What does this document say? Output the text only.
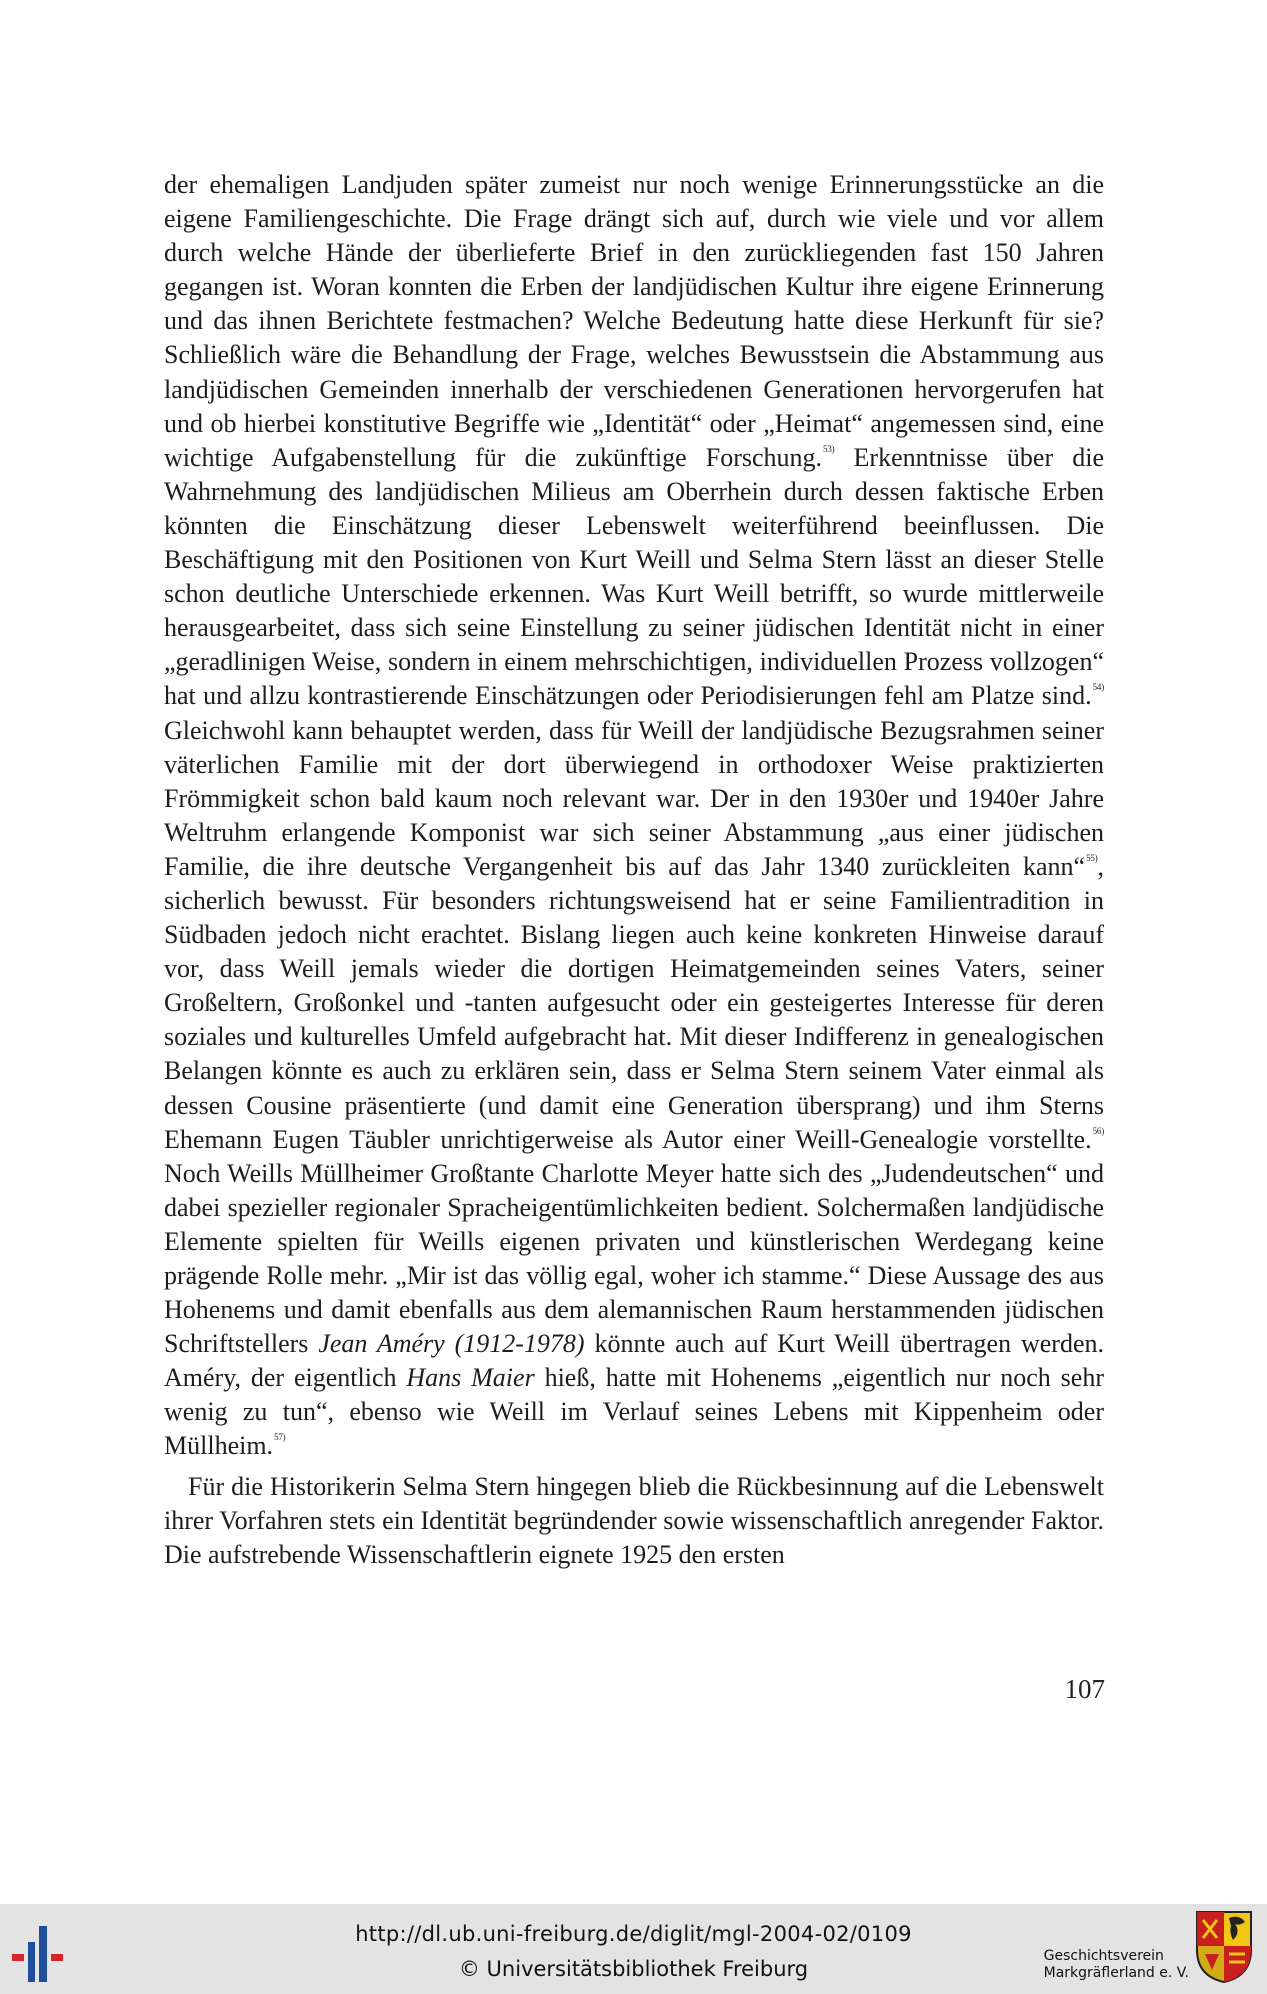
der ehemaligen Landjuden später zumeist nur noch wenige Erinnerungsstücke an die eigene Familiengeschichte. Die Frage drängt sich auf, durch wie viele und vor allem durch welche Hände der überlieferte Brief in den zurückliegenden fast 150 Jahren gegangen ist. Woran konnten die Erben der landjüdischen Kultur ihre eigene Erinnerung und das ihnen Berichtete festmachen? Welche Bedeutung hatte diese Herkunft für sie? Schließlich wäre die Behandlung der Frage, welches Bewusstsein die Abstammung aus landjüdischen Gemeinden innerhalb der verschiedenen Generationen hervorgerufen hat und ob hierbei konstitutive Begriffe wie „Identität“ oder „Heimat“ angemessen sind, eine wichtige Aufgabenstellung für die zukünftige Forschung.$^{53)}$ Erkenntnisse über die Wahrnehmung des landjüdischen Milieus am Oberrhein durch dessen faktische Erben könnten die Einschätzung dieser Lebenswelt weiterführend beeinflussen. Die Beschäftigung mit den Positionen von Kurt Weill und Selma Stern lässt an dieser Stelle schon deutliche Unterschiede erkennen. Was Kurt Weill betrifft, so wurde mittlerweile herausgearbeitet, dass sich seine Einstellung zu seiner jüdischen Identität nicht in einer „geradlinigen Weise, sondern in einem mehrschichtigen, individuellen Prozess vollzogen“ hat und allzu kontrastierende Einschätzungen oder Periodisierungen fehl am Platze sind.$^{54)}$ Gleichwohl kann behauptet werden, dass für Weill der landjüdische Bezugsrahmen seiner väterlichen Familie mit der dort überwiegend in orthodoxer Weise praktizierten Frömmigkeit schon bald kaum noch relevant war. Der in den 1930er und 1940er Jahre Weltruhm erlangende Komponist war sich seiner Abstammung „aus einer jüdischen Familie, die ihre deutsche Vergangenheit bis auf das Jahr 1340 zurückleiten kann“$^{55)}$, sicherlich bewusst. Für besonders richtungsweisend hat er seine Familientradition in Südbaden jedoch nicht erachtet. Bislang liegen auch keine konkreten Hinweise darauf vor, dass Weill jemals wieder die dortigen Heimatgemeinden seines Vaters, seiner Großeltern, Großonkel und -tanten aufgesucht oder ein gesteigertes Interesse für deren soziales und kulturelles Umfeld aufgebracht hat. Mit dieser Indifferenz in genealogischen Belangen könnte es auch zu erklären sein, dass er Selma Stern seinem Vater einmal als dessen Cousine präsentierte (und damit eine Generation übersprang) und ihm Sterns Ehemann Eugen Täubler unrichtigerweise als Autor einer Weill-Genealogie vorstellte.$^{56)}$ Noch Weills Müllheimer Großtante Charlotte Meyer hatte sich des „Judendeutschen“ und dabei spezieller regionaler Spracheigentümlichkeiten bedient. Solchermaßen landjüdische Elemente spielten für Weills eigenen privaten und künstlerischen Werdegang keine prägende Rolle mehr. „Mir ist das völlig egal, woher ich stamme.“ Diese Aussage des aus Hohenems und damit ebenfalls aus dem alemannischen Raum herstammenden jüdischen Schriftstellers Jean Améry (1912-1978) könnte auch auf Kurt Weill übertragen werden. Améry, der eigentlich Hans Maier hieß, hatte mit Hohenems „eigentlich nur noch sehr wenig zu tun“, ebenso wie Weill im Verlauf seines Lebens mit Kippenheim oder Müllheim.$^{57)}$

Für die Historikerin Selma Stern hingegen blieb die Rückbesinnung auf die Lebenswelt ihrer Vorfahren stets ein Identität begründender sowie wissenschaftlich anregender Faktor. Die aufstrebende Wissenschaftlerin eignete 1925 den ersten

107
http://dl.ub.uni-freiburg.de/diglit/mgl-2004-02/0109
© Universitätsbibliothek Freiburg
Geschichtsverein
Markgräflerland e. V.
